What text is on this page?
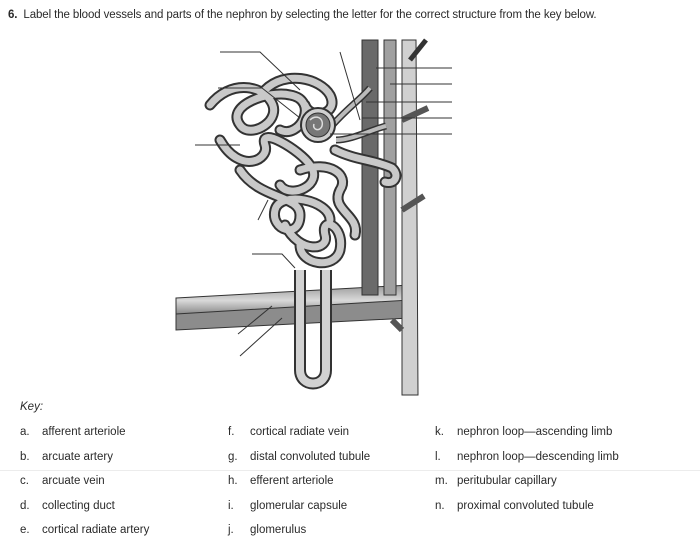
6. Label the blood vessels and parts of the nephron by selecting the letter for the correct structure from the key below.
Key:
a. afferent arteriole
b. arcuate artery
c. arcuate vein
d. collecting duct
e. cortical radiate artery
f. cortical radiate vein
g. distal convoluted tubule
h. efferent arteriole
i. glomerular capsule
j. glomerulus
k. nephron loop—ascending limb
l. nephron loop—descending limb
m. peritubular capillary
n. proximal convoluted tubule
